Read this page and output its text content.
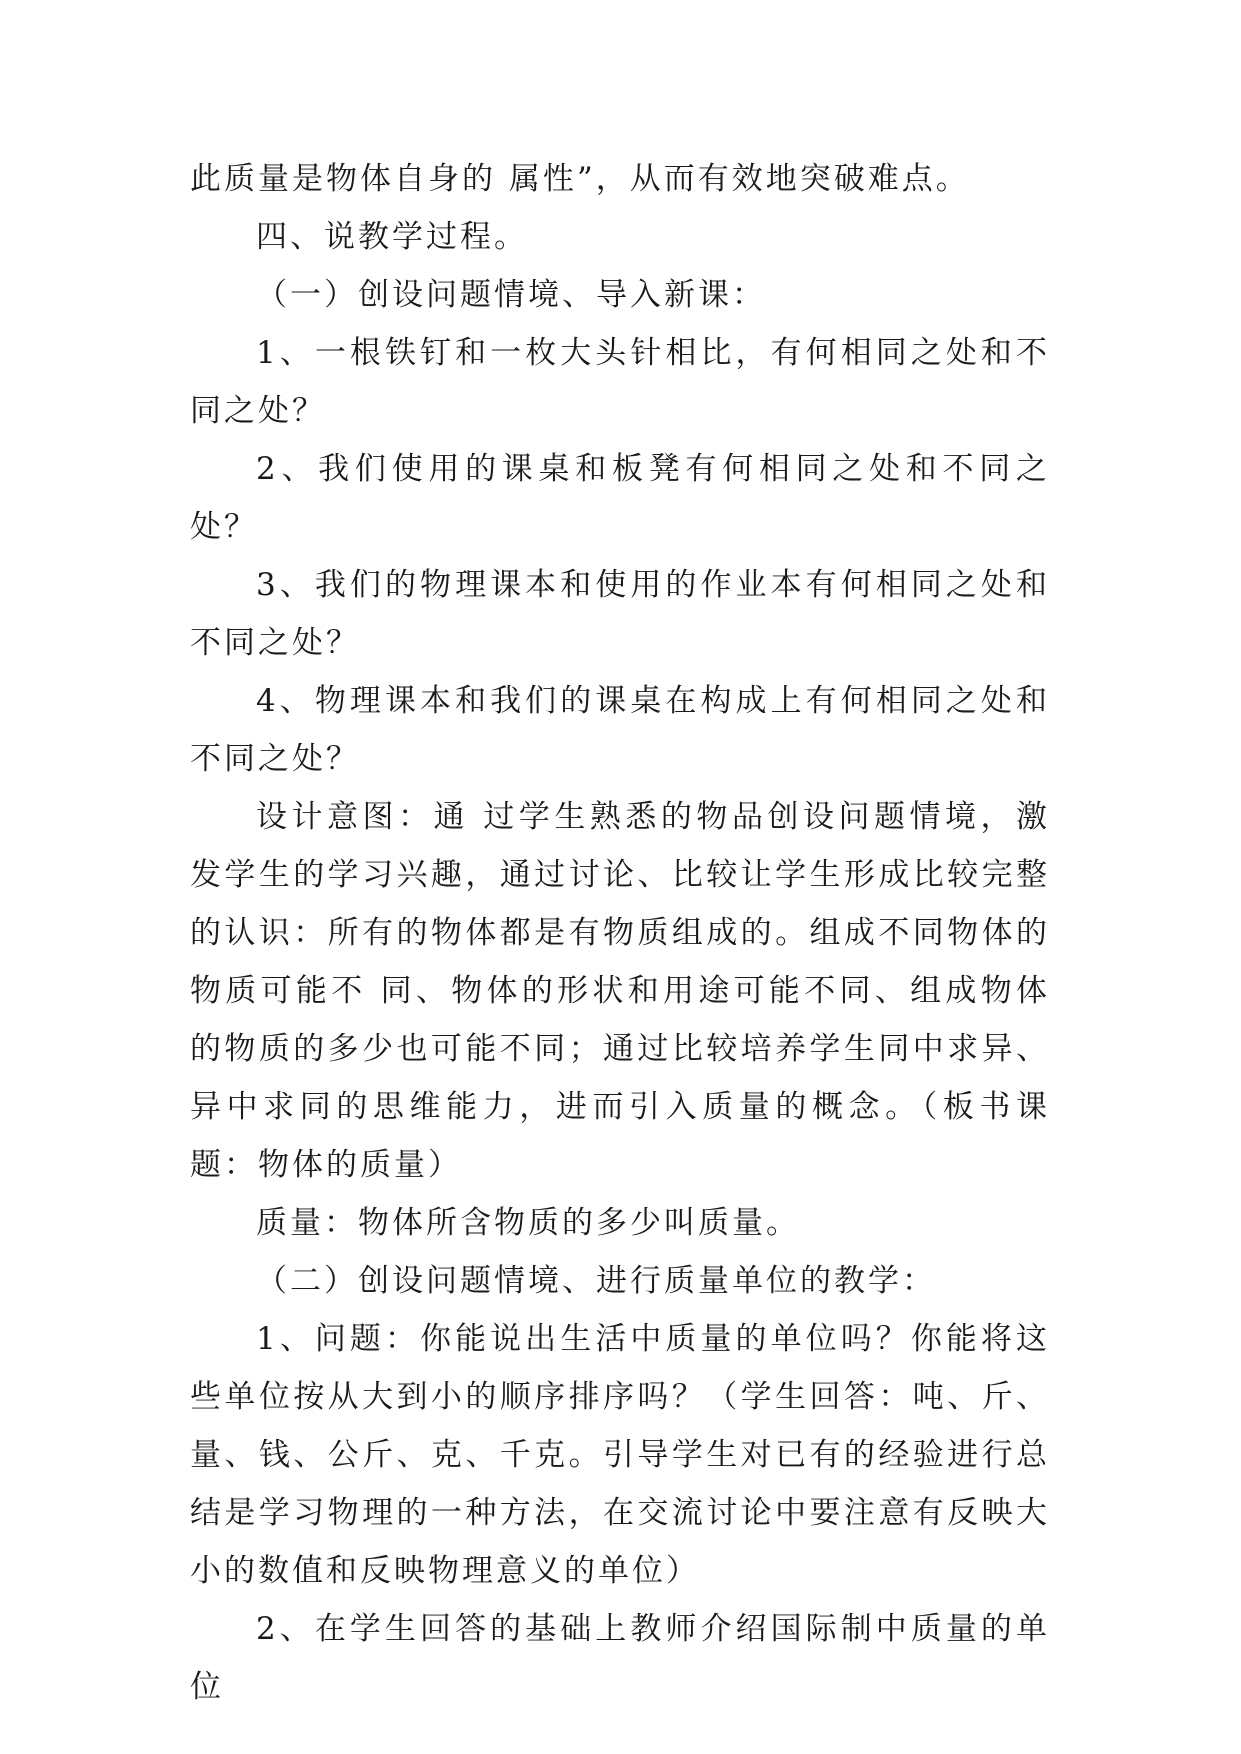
此质量是物体自身的 属性”，从而有效地突破难点。

四、说教学过程。

（一）创设问题情境、导入新课：

1、一根铁钉和一枚大头针相比，有何相同之处和不同之处？

2、我们使用的课桌和板凳有何相同之处和不同之处？

3、我们的物理课本和使用的作业本有何相同之处和不同之处？

4、物理课本和我们的课桌在构成上有何相同之处和不同之处？

设计意图：通 过学生熟悉的物品创设问题情境，激发学生的学习兴趣，通过讨论、比较让学生形成比较完整的认识：所有的物体都是有物质组成的。组成不同物体的物质可能不 同、物体的形状和用途可能不同、组成物体的物质的多少也可能不同；通过比较培养学生同中求异、异中求同的思维能力，进而引入质量的概念。（板书课题：物体的质量）

质量：物体所含物质的多少叫质量。

（二）创设问题情境、进行质量单位的教学：

1、问题：你能说出生活中质量的单位吗？你能将这些单位按从大到小的顺序排序吗？（学生回答：吨、斤、量、钱、公斤、克、千克。引导学生对已有的经验进行总结是学习物理的一种方法，在交流讨论中要注意有反映大小的数值和反映物理意义的单位）

2、在学生回答的基础上教师介绍国际制中质量的单位
